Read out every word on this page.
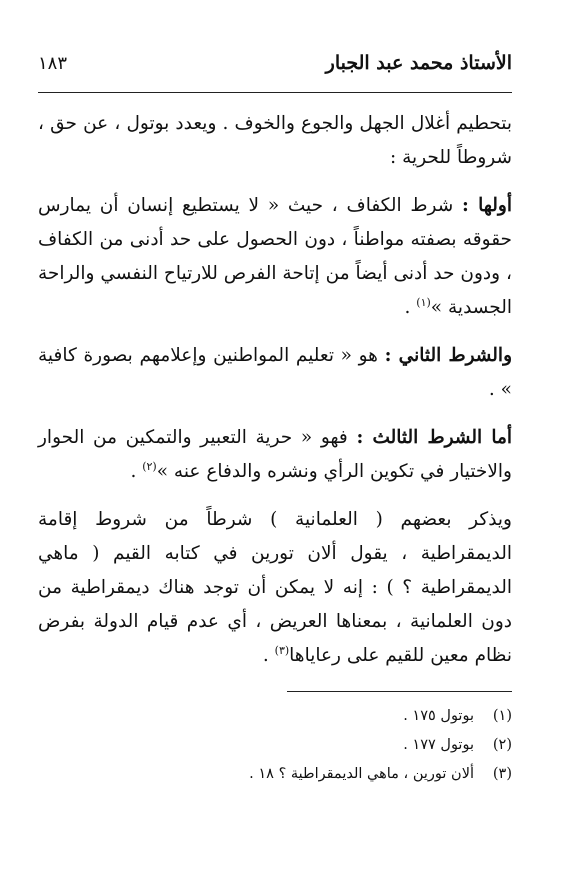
الأستاذ محمد عبد الجبار
١٨٣

بتحطيم أغلال الجهل والجوع والخوف . ويعدد بوتول ، عن حق ، شروطاً للحرية :

أولها : شرط الكفاف ، حيث « لا يستطيع إنسان أن يمارس حقوقه بصفته مواطناً ، دون الحصول على حد أدنى من الكفاف ، ودون حد أدنى أيضاً من إتاحة الفرص للارتياح النفسي والراحة الجسدية »$^{(١)}$ .

والشرط الثاني : هو « تعليم المواطنين وإعلامهم بصورة كافية » .

أما الشرط الثالث : فهو « حرية التعبير والتمكين من الحوار والاختيار في تكوين الرأي ونشره والدفاع عنه »$^{(٢)}$ .

ويذكر بعضهم ( العلمانية ) شرطاً من شروط إقامة الديمقراطية ، يقول ألان تورين في كتابه القيم ( ماهي الديمقراطية ؟ ) : إنه لا يمكن أن توجد هناك ديمقراطية من دون العلمانية ، بمعناها العريض ، أي عدم قيام الدولة بفرض نظام معين للقيم على رعاياها$^{(٣)}$ .

(١)
بوتول ١٧٥ .
(٢)
بوتول ١٧٧ .
(٣)
ألان تورين ، ماهي الديمقراطية ؟ ١٨ .
